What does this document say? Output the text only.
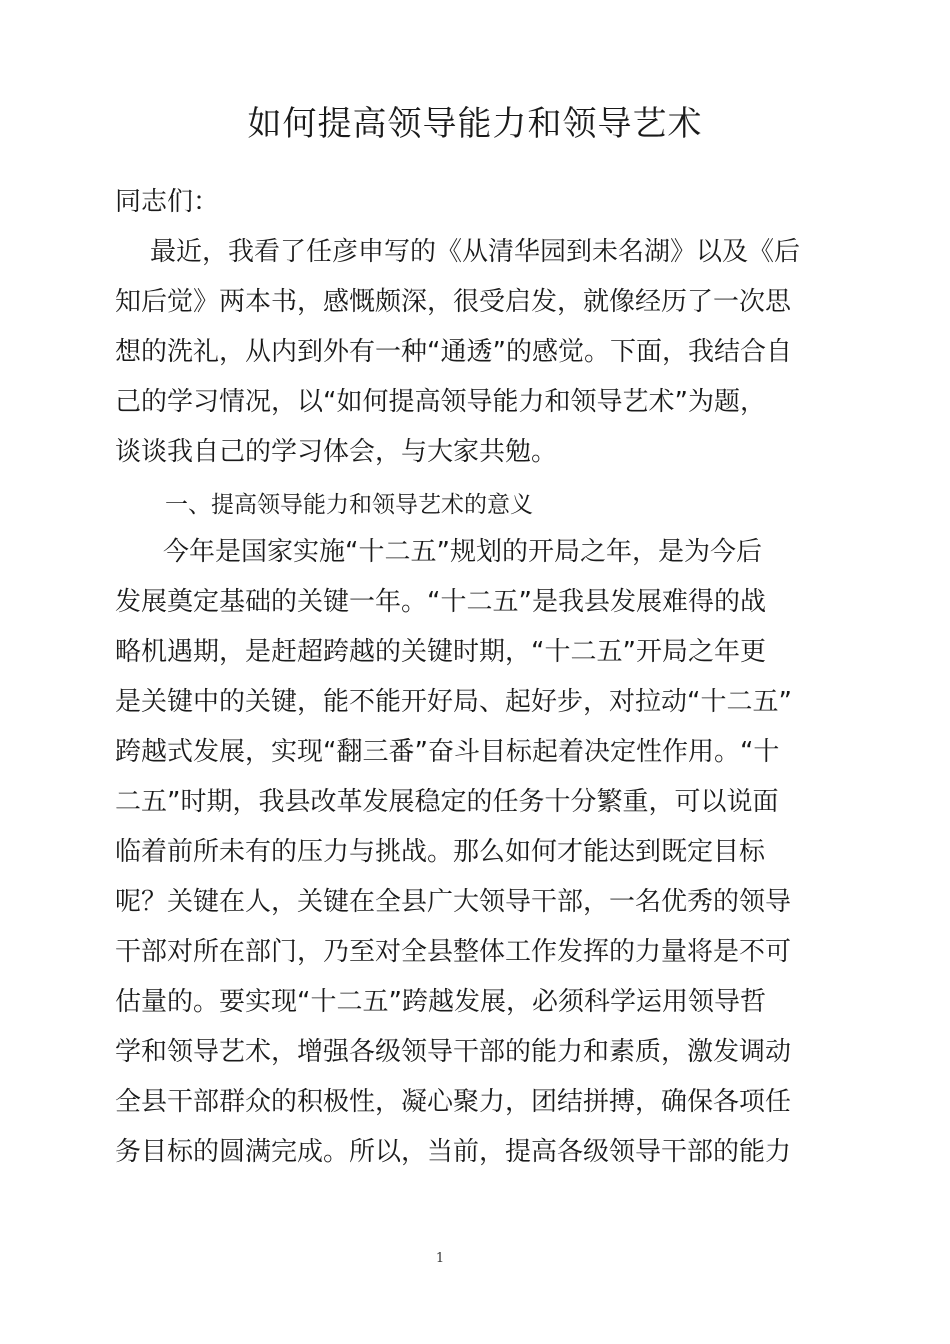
如何提高领导能力和领导艺术
同志们：
最近，我看了任彦申写的《从清华园到未名湖》以及《后
知后觉》两本书，感慨颇深，很受启发，就像经历了一次思
想的洗礼，从内到外有一种“通透”的感觉。下面，我结合自
己的学习情况，以“如何提高领导能力和领导艺术”为题，
谈谈我自己的学习体会，与大家共勉。
一、提高领导能力和领导艺术的意义
今年是国家实施“十二五”规划的开局之年，是为今后
发展奠定基础的关键一年。“十二五”是我县发展难得的战
略机遇期，是赶超跨越的关键时期，“十二五”开局之年更
是关键中的关键，能不能开好局、起好步，对拉动“十二五”
跨越式发展，实现“翻三番”奋斗目标起着决定性作用。“十
二五”时期，我县改革发展稳定的任务十分繁重，可以说面
临着前所未有的压力与挑战。那么如何才能达到既定目标
呢？关键在人，关键在全县广大领导干部，一名优秀的领导
干部对所在部门，乃至对全县整体工作发挥的力量将是不可
估量的。要实现“十二五”跨越发展，必须科学运用领导哲
学和领导艺术，增强各级领导干部的能力和素质，激发调动
全县干部群众的积极性，凝心聚力，团结拼搏，确保各项任
务目标的圆满完成。所以，当前，提高各级领导干部的能力
1
